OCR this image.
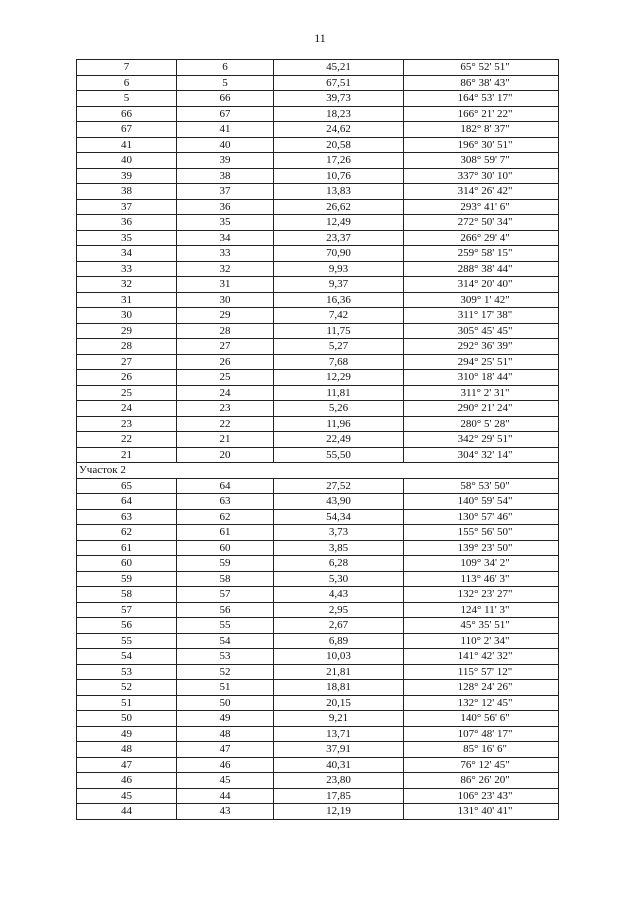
11
7	6	45,21	65° 52' 51"
6	5	67,51	86° 38' 43"
5	66	39,73	164° 53' 17"
66	67	18,23	166° 21' 22"
67	41	24,62	182° 8' 37"
41	40	20,58	196° 30' 51"
40	39	17,26	308° 59' 7"
39	38	10,76	337° 30' 10"
38	37	13,83	314° 26' 42"
37	36	26,62	293° 41' 6"
36	35	12,49	272° 50' 34"
35	34	23,37	266° 29' 4"
34	33	70,90	259° 58' 15"
33	32	9,93	288° 38' 44"
32	31	9,37	314° 20' 40"
31	30	16,36	309° 1' 42"
30	29	7,42	311° 17' 38"
29	28	11,75	305° 45' 45"
28	27	5,27	292° 36' 39"
27	26	7,68	294° 25' 51"
26	25	12,29	310° 18' 44"
25	24	11,81	311° 2' 31"
24	23	5,26	290° 21' 24"
23	22	11,96	280° 5' 28"
22	21	22,49	342° 29' 51"
21	20	55,50	304° 32' 14"
Участок 2			
65	64	27,52	58° 53' 50"
64	63	43,90	140° 59' 54"
63	62	54,34	130° 57' 46"
62	61	3,73	155° 56' 50"
61	60	3,85	139° 23' 50"
60	59	6,28	109° 34' 2"
59	58	5,30	113° 46' 3"
58	57	4,43	132° 23' 27"
57	56	2,95	124° 11' 3"
56	55	2,67	45° 35' 51"
55	54	6,89	110° 2' 34"
54	53	10,03	141° 42' 32"
53	52	21,81	115° 57' 12"
52	51	18,81	128° 24' 26"
51	50	20,15	132° 12' 45"
50	49	9,21	140° 56' 6"
49	48	13,71	107° 48' 17"
48	47	37,91	85° 16' 6"
47	46	40,31	76° 12' 45"
46	45	23,80	86° 26' 20"
45	44	17,85	106° 23' 43"
44	43	12,19	131° 40' 41"
